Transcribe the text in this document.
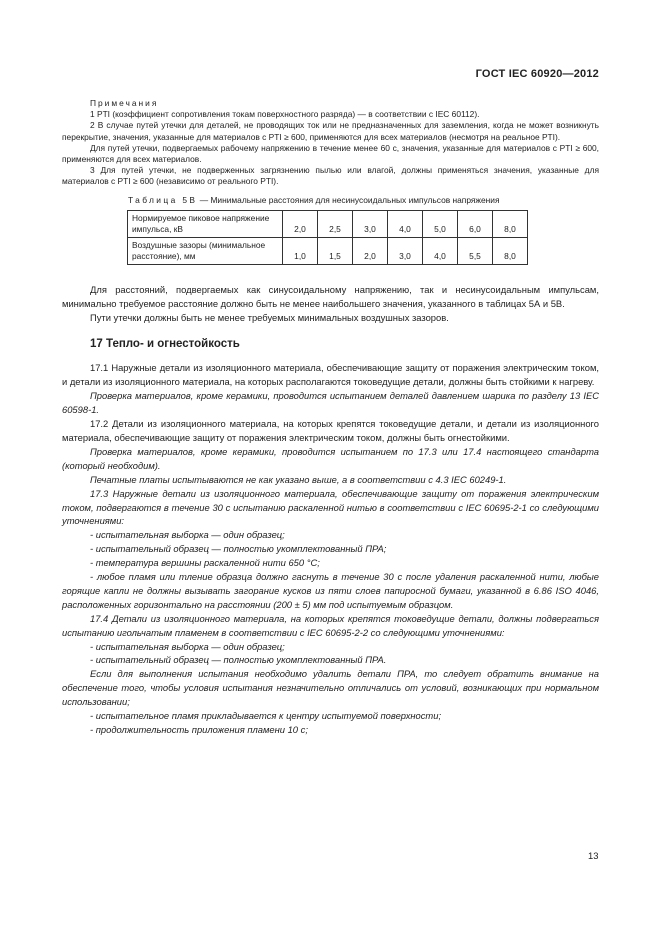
ГОСТ IEC 60920—2012

Примечания

1 PTI (коэффициент сопротивления токам поверхностного разряда) — в соответствии с IEC 60112).

2 В случае путей утечки для деталей, не проводящих ток или не предназначенных для заземления, когда не может возникнуть перекрытие, значения, указанные для материалов с PTI ≥ 600, применяются для всех материалов (несмотря на реальное PTI).

Для путей утечки, подвергаемых рабочему напряжению в течение менее 60 с, значения, указанные для материалов с PTI ≥ 600, применяются для всех материалов.

3 Для путей утечки, не подверженных загрязнению пылью или влагой, должны применяться значения, указанные для материалов с PTI ≥ 600 (независимо от реального PTI).

Таблица 5В — Минимальные расстояния для несинусоидальных импульсов напряжения
Нормируемое пиковое напряжение импульса, кВ	2,0	2,5	3,0	4,0	5,0	6,0	8,0
Воздушные зазоры (минимальное расстояние), мм	1,0	1,5	2,0	3,0	4,0	5,5	8,0

Для расстояний, подвергаемых как синусоидальному напряжению, так и несинусоидальным импульсам, минимально требуемое расстояние должно быть не менее наибольшего значения, указанного в таблицах 5А и 5В.

Пути утечки должны быть не менее требуемых минимальных воздушных зазоров.

17 Тепло- и огнестойкость

17.1 Наружные детали из изоляционного материала, обеспечивающие защиту от поражения электрическим током, и детали из изоляционного материала, на которых располагаются токоведущие детали, должны быть стойкими к нагреву.

Проверка материалов, кроме керамики, проводится испытанием деталей давлением шарика по разделу 13 IEC 60598-1.

17.2 Детали из изоляционного материала, на которых крепятся токоведущие детали, и детали из изоляционного материала, обеспечивающие защиту от поражения электрическим током, должны быть огнестойкими.

Проверка материалов, кроме керамики, проводится испытанием по 17.3 или 17.4 настоящего стандарта (который необходим).

Печатные платы испытываются не как указано выше, а в соответствии с 4.3 IEC 60249-1.

17.3 Наружные детали из изоляционного материала, обеспечивающие защиту от поражения электрическим током, подвергаются в течение 30 с испытанию раскаленной нитью в соответствии с IEC 60695-2-1 со следующими уточнениями:

- испытательная выборка — один образец;

- испытательный образец — полностью укомплектованный ПРА;

- температура вершины раскаленной нити 650 °C;

- любое пламя или тление образца должно гаснуть в течение 30 с после удаления раскаленной нити, любые горящие капли не должны вызывать загорание кусков из пяти слоев папиросной бумаги, указанной в 6.86 ISO 4046, расположенных горизонтально на расстоянии (200 ± 5) мм под испытуемым образцом.

17.4 Детали из изоляционного материала, на которых крепятся токоведущие детали, должны подвергаться испытанию игольчатым пламенем в соответствии с IEC 60695-2-2 со следующими уточнениями:

- испытательная выборка — один образец;

- испытательный образец — полностью укомплектованный ПРА.

Если для выполнения испытания необходимо удалить детали ПРА, то следует обратить внимание на обеспечение того, чтобы условия испытания незначительно отличались от условий, возникающих при нормальном использовании;

- испытательное пламя прикладывается к центру испытуемой поверхности;

- продолжительность приложения пламени 10 с;

13
